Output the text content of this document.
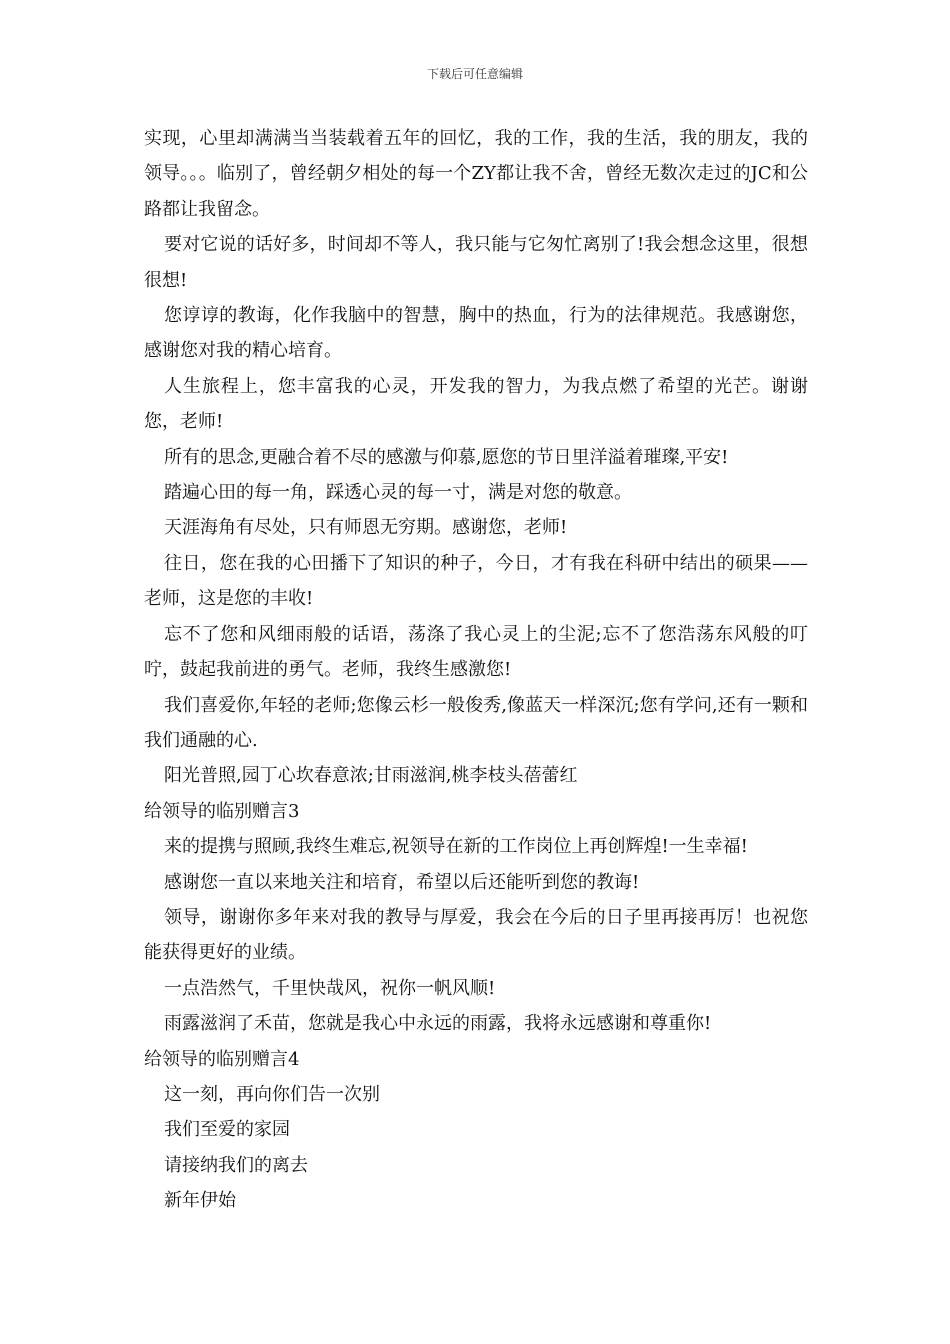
下载后可任意编辑

实现，心里却满满当当装载着五年的回忆，我的工作，我的生活，我的朋友，我的领导。。。临别了，曾经朝夕相处的每一个ZY都让我不舍，曾经无数次走过的JC和公路都让我留念。

要对它说的话好多，时间却不等人，我只能与它匆忙离别了!我会想念这里，很想很想!

您谆谆的教诲，化作我脑中的智慧，胸中的热血，行为的法律规范。我感谢您，感谢您对我的精心培育。

人生旅程上，您丰富我的心灵，开发我的智力，为我点燃了希望的光芒。谢谢您，老师!

所有的思念,更融合着不尽的感激与仰慕,愿您的节日里洋溢着璀璨,平安!

踏遍心田的每一角，踩透心灵的每一寸，满是对您的敬意。

天涯海角有尽处，只有师恩无穷期。感谢您，老师!

往日，您在我的心田播下了知识的种子，今日，才有我在科研中结出的硕果——老师，这是您的丰收!

忘不了您和风细雨般的话语，荡涤了我心灵上的尘泥;忘不了您浩荡东风般的叮咛，鼓起我前进的勇气。老师，我终生感激您!

我们喜爱你,年轻的老师;您像云杉一般俊秀,像蓝天一样深沉;您有学问,还有一颗和我们通融的心.

阳光普照,园丁心坎春意浓;甘雨滋润,桃李枝头蓓蕾红

给领导的临别赠言3

来的提携与照顾,我终生难忘,祝领导在新的工作岗位上再创辉煌!一生幸福!

感谢您一直以来地关注和培育，希望以后还能听到您的教诲!

领导，谢谢你多年来对我的教导与厚爱，我会在今后的日子里再接再厉！也祝您能获得更好的业绩。

一点浩然气，千里快哉风，祝你一帆风顺!

雨露滋润了禾苗，您就是我心中永远的雨露，我将永远感谢和尊重你!

给领导的临别赠言4

这一刻，再向你们告一次别

我们至爱的家园

请接纳我们的离去

新年伊始
